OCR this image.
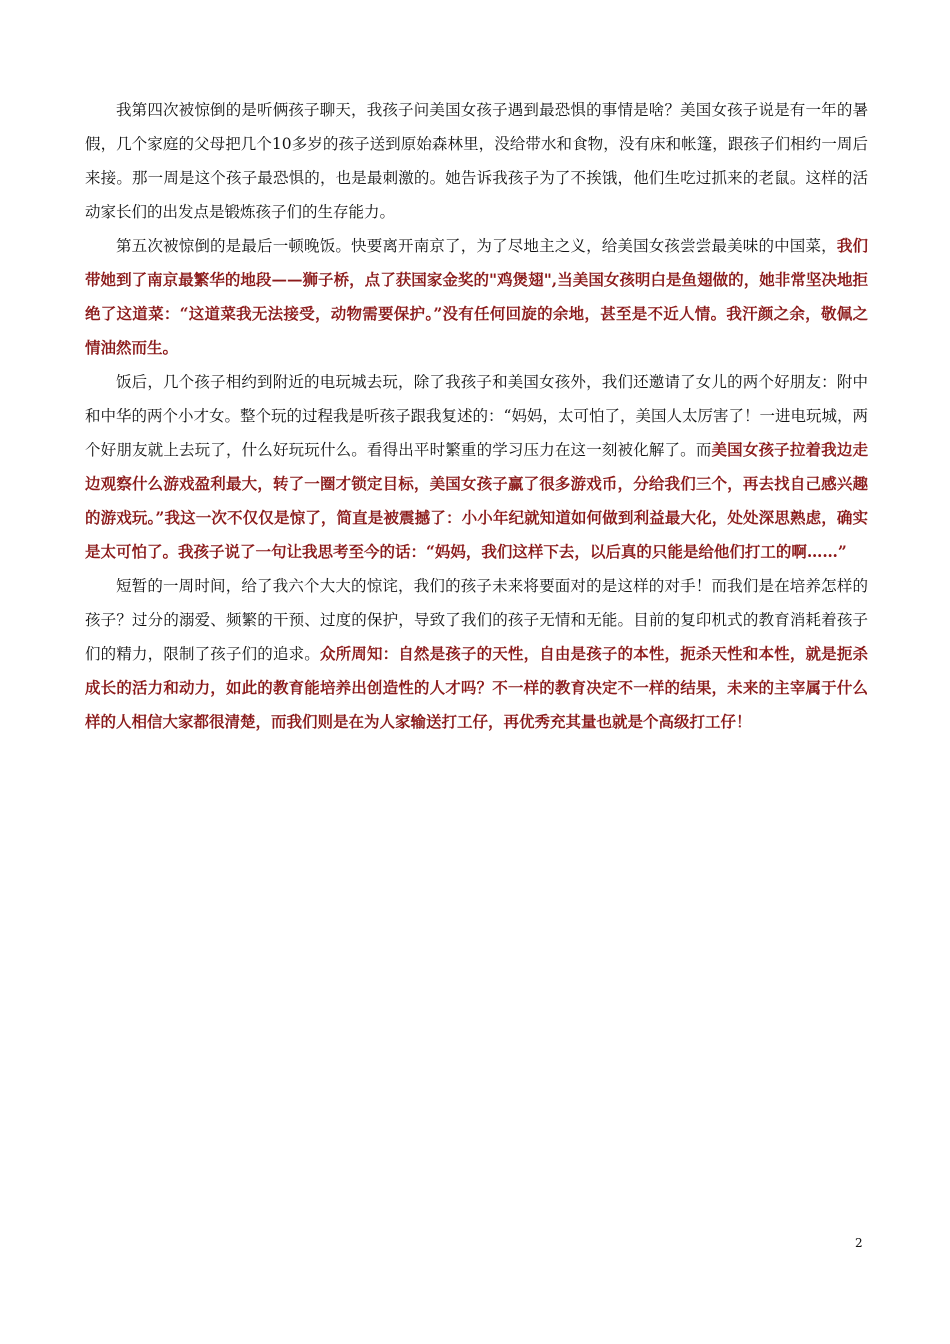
我第四次被惊倒的是听俩孩子聊天，我孩子问美国女孩子遇到最恐惧的事情是啥？美国女孩子说是有一年的暑假，几个家庭的父母把几个10多岁的孩子送到原始森林里，没给带水和食物，没有床和帐篷，跟孩子们相约一周后来接。那一周是这个孩子最恐惧的，也是最刺激的。她告诉我孩子为了不挨饿，他们生吃过抓来的老鼠。这样的活动家长们的出发点是锻炼孩子们的生存能力。

第五次被惊倒的是最后一顿晚饭。快要离开南京了，为了尽地主之义，给美国女孩尝尝最美味的中国菜，我们带她到了南京最繁华的地段——狮子桥，点了获国家金奖的"鸡煲翅",当美国女孩明白是鱼翅做的，她非常坚决地拒绝了这道菜：“这道菜我无法接受，动物需要保护。”没有任何回旋的余地，甚至是不近人情。我汗颜之余，敬佩之情油然而生。

饭后，几个孩子相约到附近的电玩城去玩，除了我孩子和美国女孩外，我们还邀请了女儿的两个好朋友：附中和中华的两个小才女。整个玩的过程我是听孩子跟我复述的：“妈妈，太可怕了，美国人太厉害了！一进电玩城，两个好朋友就上去玩了，什么好玩玩什么。看得出平时繁重的学习压力在这一刻被化解了。而美国女孩子拉着我边走边观察什么游戏盈利最大，转了一圈才锁定目标，美国女孩子赢了很多游戏币，分给我们三个，再去找自己感兴趣的游戏玩。”我这一次不仅仅是惊了，简直是被震撼了：小小年纪就知道如何做到利益最大化，处处深思熟虑，确实是太可怕了。我孩子说了一句让我思考至今的话：“妈妈，我们这样下去，以后真的只能是给他们打工的啊……”

短暂的一周时间，给了我六个大大的惊诧，我们的孩子未来将要面对的是这样的对手！而我们是在培养怎样的孩子？过分的溺爱、频繁的干预、过度的保护，导致了我们的孩子无情和无能。目前的复印机式的教育消耗着孩子们的精力，限制了孩子们的追求。众所周知：自然是孩子的天性，自由是孩子的本性，扼杀天性和本性，就是扼杀成长的活力和动力，如此的教育能培养出创造性的人才吗？不一样的教育决定不一样的结果，未来的主宰属于什么样的人相信大家都很清楚，而我们则是在为人家输送打工仔，再优秀充其量也就是个高级打工仔！

2
